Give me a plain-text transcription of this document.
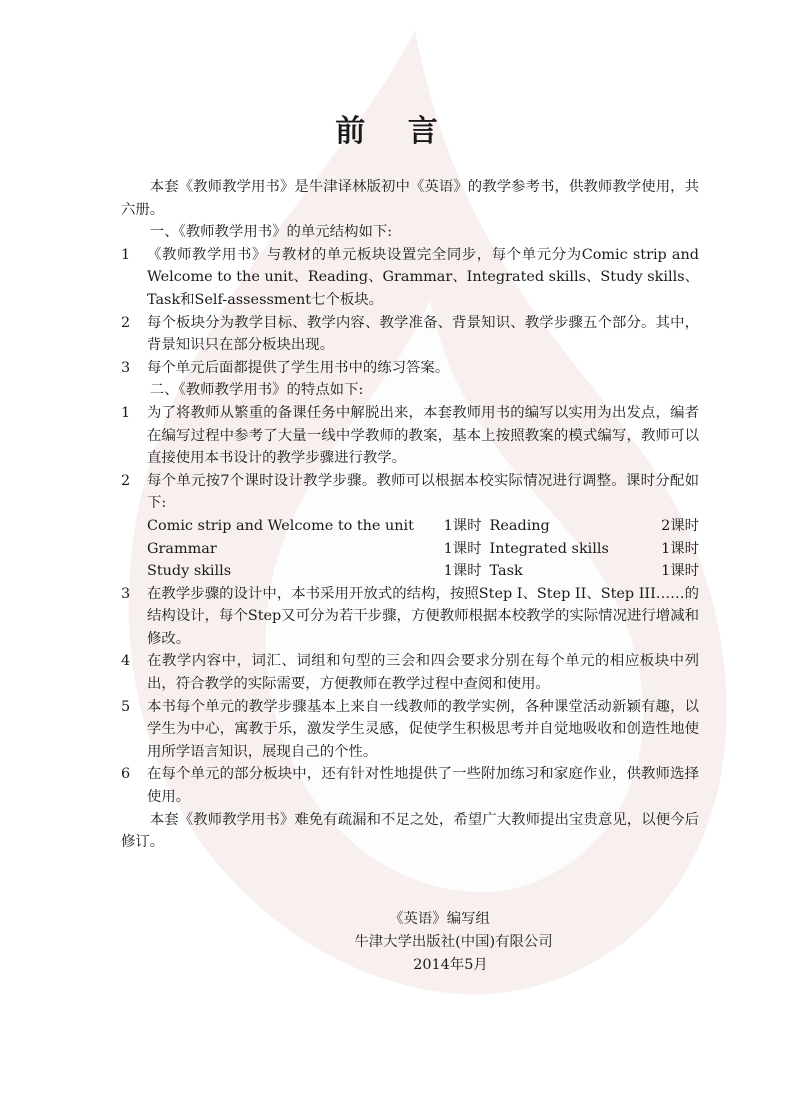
前 言
本套《教师教学用书》是牛津译林版初中《英语》的教学参考书，供教师教学使用，共六册。
一、《教师教学用书》的单元结构如下:
1	《教师教学用书》与教材的单元板块设置完全同步，每个单元分为Comic strip and Welcome to the unit、Reading、Grammar、Integrated skills、Study skills、Task和Self-assessment七个板块。
2	每个板块分为教学目标、教学内容、教学准备、背景知识、教学步骤五个部分。其中，背景知识只在部分板块出现。
3	每个单元后面都提供了学生用书中的练习答案。
二、《教师教学用书》的特点如下:
1	为了将教师从繁重的备课任务中解脱出来，本套教师用书的编写以实用为出发点，编者在编写过程中参考了大量一线中学教师的教案，基本上按照教案的模式编写，教师可以直接使用本书设计的教学步骤进行教学。
2	每个单元按7个课时设计教学步骤。教师可以根据本校实际情况进行调整。课时分配如下:
Comic strip and Welcome to the unit	1课时	Reading	2课时
Grammar	1课时	Integrated skills	1课时
Study skills	1课时	Task	1课时
3	在教学步骤的设计中，本书采用开放式的结构，按照Step I、Step II、Step III……的结构设计，每个Step又可分为若干步骤，方便教师根据本校教学的实际情况进行增减和修改。
4	在教学内容中，词汇、词组和句型的三会和四会要求分别在每个单元的相应板块中列出，符合教学的实际需要，方便教师在教学过程中查阅和使用。
5	本书每个单元的教学步骤基本上来自一线教师的教学实例，各种课堂活动新颖有趣，以学生为中心，寓教于乐，激发学生灵感，促使学生积极思考并自觉地吸收和创造性地使用所学语言知识，展现自己的个性。
6	在每个单元的部分板块中，还有针对性地提供了一些附加练习和家庭作业，供教师选择使用。
本套《教师教学用书》难免有疏漏和不足之处，希望广大教师提出宝贵意见，以便今后修订。
《英语》编写组
牛津大学出版社(中国)有限公司
2014年5月
